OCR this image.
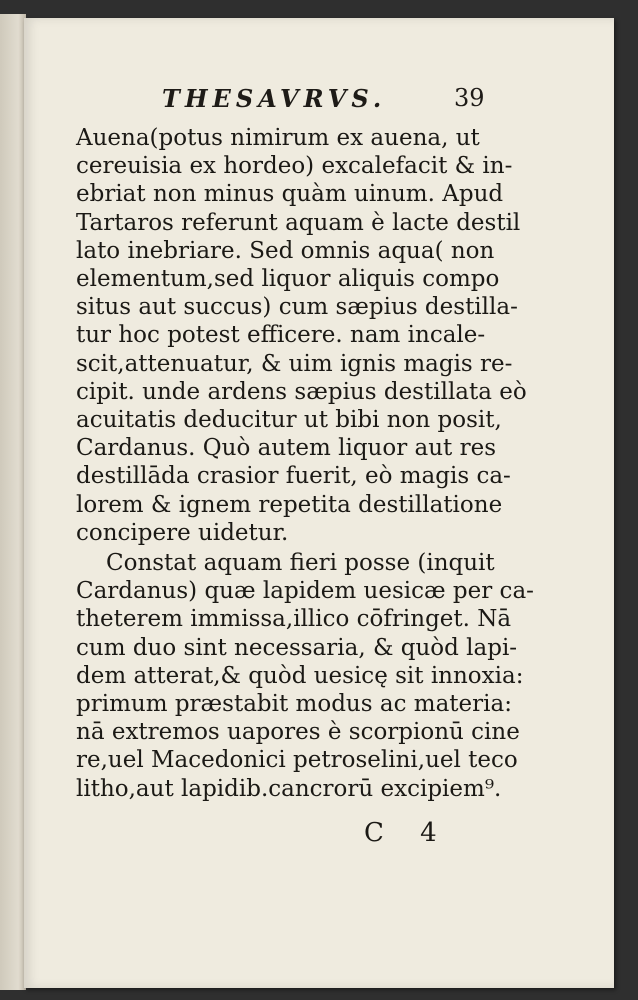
THESAVRVS.	39
Auena(potus nimirum ex auena, ut
cereuisia ex hordeo) excalefacit & in-
ebriat non minus quàm uinum. Apud
Tartaros referunt aquam è lacte destil
lato inebriare. Sed omnis aqua( non
elementum,sed liquor aliquis compo
situs aut succus) cum sæpius destilla-
tur hoc potest efficere. nam incale-
scit,attenuatur, & uim ignis magis re-
cipit. unde ardens sæpius destillata eò
acuitatis deducitur ut bibi non posit,
Cardanus. Quò autem liquor aut res
destillāda crasior fuerit, eò magis ca-
lorem & ignem repetita destillatione
concipere uidetur.
Constat aquam fieri posse (inquit
Cardanus) quæ lapidem uesicæ per ca-
theterem immissa,illico cōfringet. Nā
cum duo sint necessaria, & quòd lapi-
dem atterat,& quòd uesicę sit innoxia:
primum præstabit modus ac materia:
nā extremos uapores è scorpionū cine
re,uel Macedonici petroselini,uel teco
litho,aut lapidib.cancrorū excipiem⁹.
C 4
